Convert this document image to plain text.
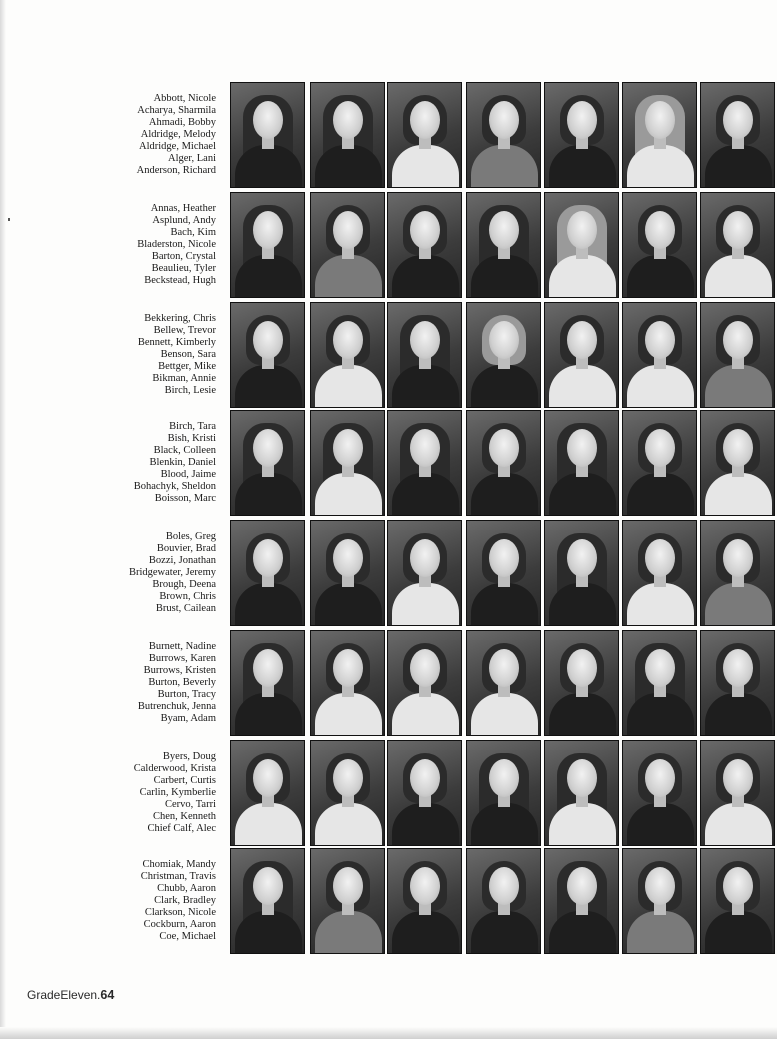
Abbott, Nicole
Acharya, Sharmila
Ahmadi, Bobby
Aldridge, Melody
Aldridge, Michael
Alger, Lani
Anderson, Richard
Annas, Heather
Asplund, Andy
Bach, Kim
Bladerston, Nicole
Barton, Crystal
Beaulieu, Tyler
Beckstead, Hugh
Bekkering, Chris
Bellew, Trevor
Bennett, Kimberly
Benson, Sara
Bettger, Mike
Bikman, Annie
Birch, Lesie
Birch, Tara
Bish, Kristi
Black, Colleen
Blenkin, Daniel
Blood, Jaime
Bohachyk, Sheldon
Boisson, Marc
Boles, Greg
Bouvier, Brad
Bozzi, Jonathan
Bridgewater, Jeremy
Brough, Deena
Brown, Chris
Brust, Cailean
Burnett, Nadine
Burrows, Karen
Burrows, Kristen
Burton, Beverly
Burton, Tracy
Butrenchuk, Jenna
Byam, Adam
Byers, Doug
Calderwood, Krista
Carbert, Curtis
Carlin, Kymberlie
Cervo, Tarri
Chen, Kenneth
Chief Calf, Alec
Chomiak, Mandy
Christman, Travis
Chubb, Aaron
Clark, Bradley
Clarkson, Nicole
Cockburn, Aaron
Coe, Michael
GradeEleven.64
